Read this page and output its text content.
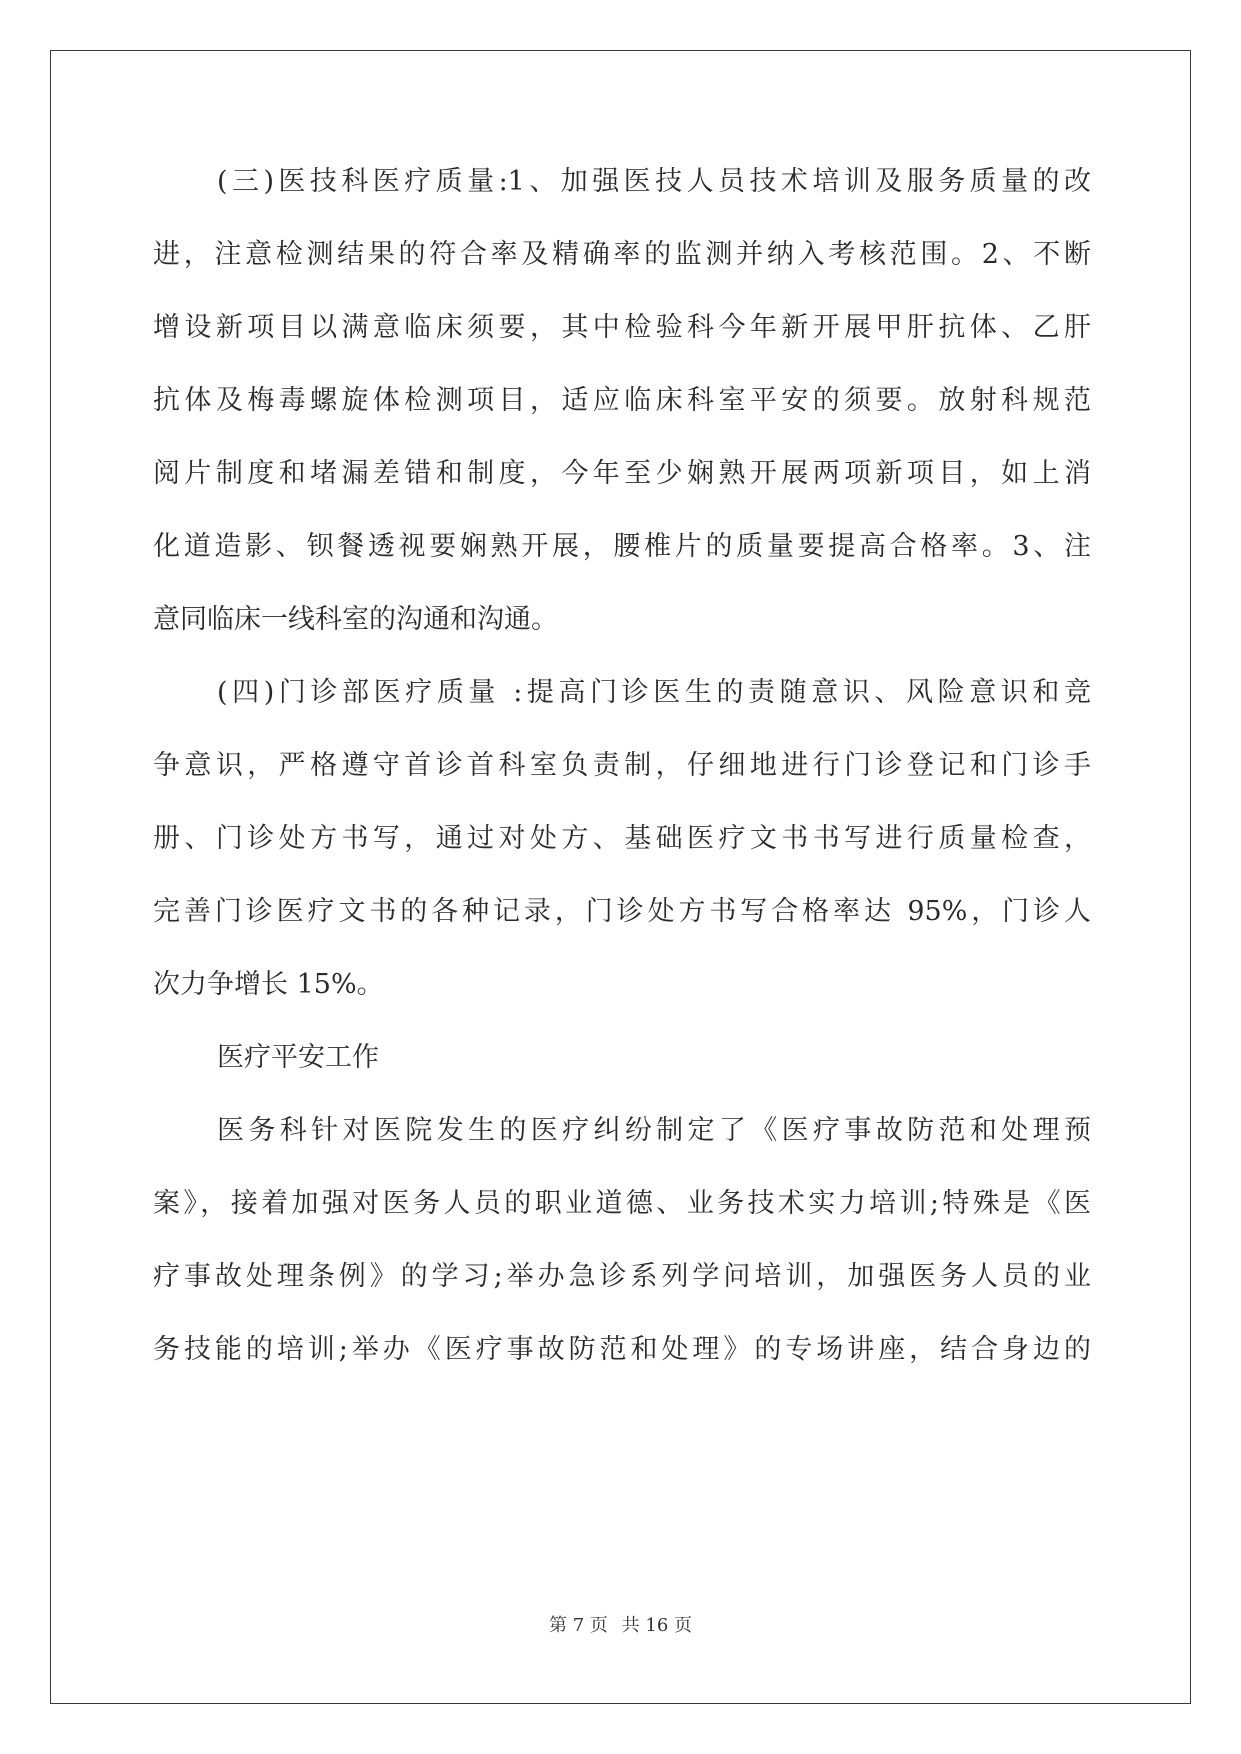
(三)医技科医疗质量:1、加强医技人员技术培训及服务质量的改
进，注意检测结果的符合率及精确率的监测并纳入考核范围。2、不断
增设新项目以满意临床须要，其中检验科今年新开展甲肝抗体、乙肝
抗体及梅毒螺旋体检测项目，适应临床科室平安的须要。放射科规范
阅片制度和堵漏差错和制度，今年至少娴熟开展两项新项目，如上消
化道造影、钡餐透视要娴熟开展，腰椎片的质量要提高合格率。3、注
意同临床一线科室的沟通和沟通。
(四)门诊部医疗质量 :提高门诊医生的责随意识、风险意识和竞
争意识，严格遵守首诊首科室负责制，仔细地进行门诊登记和门诊手
册、门诊处方书写，通过对处方、基础医疗文书书写进行质量检查，
完善门诊医疗文书的各种记录，门诊处方书写合格率达 95%，门诊人
次力争增长 15%。
医疗平安工作
医务科针对医院发生的医疗纠纷制定了《医疗事故防范和处理预
案》，接着加强对医务人员的职业道德、业务技术实力培训;特殊是《医
疗事故处理条例》的学习;举办急诊系列学问培训，加强医务人员的业
务技能的培训;举办《医疗事故防范和处理》的专场讲座，结合身边的
第 7 页 共 16 页
